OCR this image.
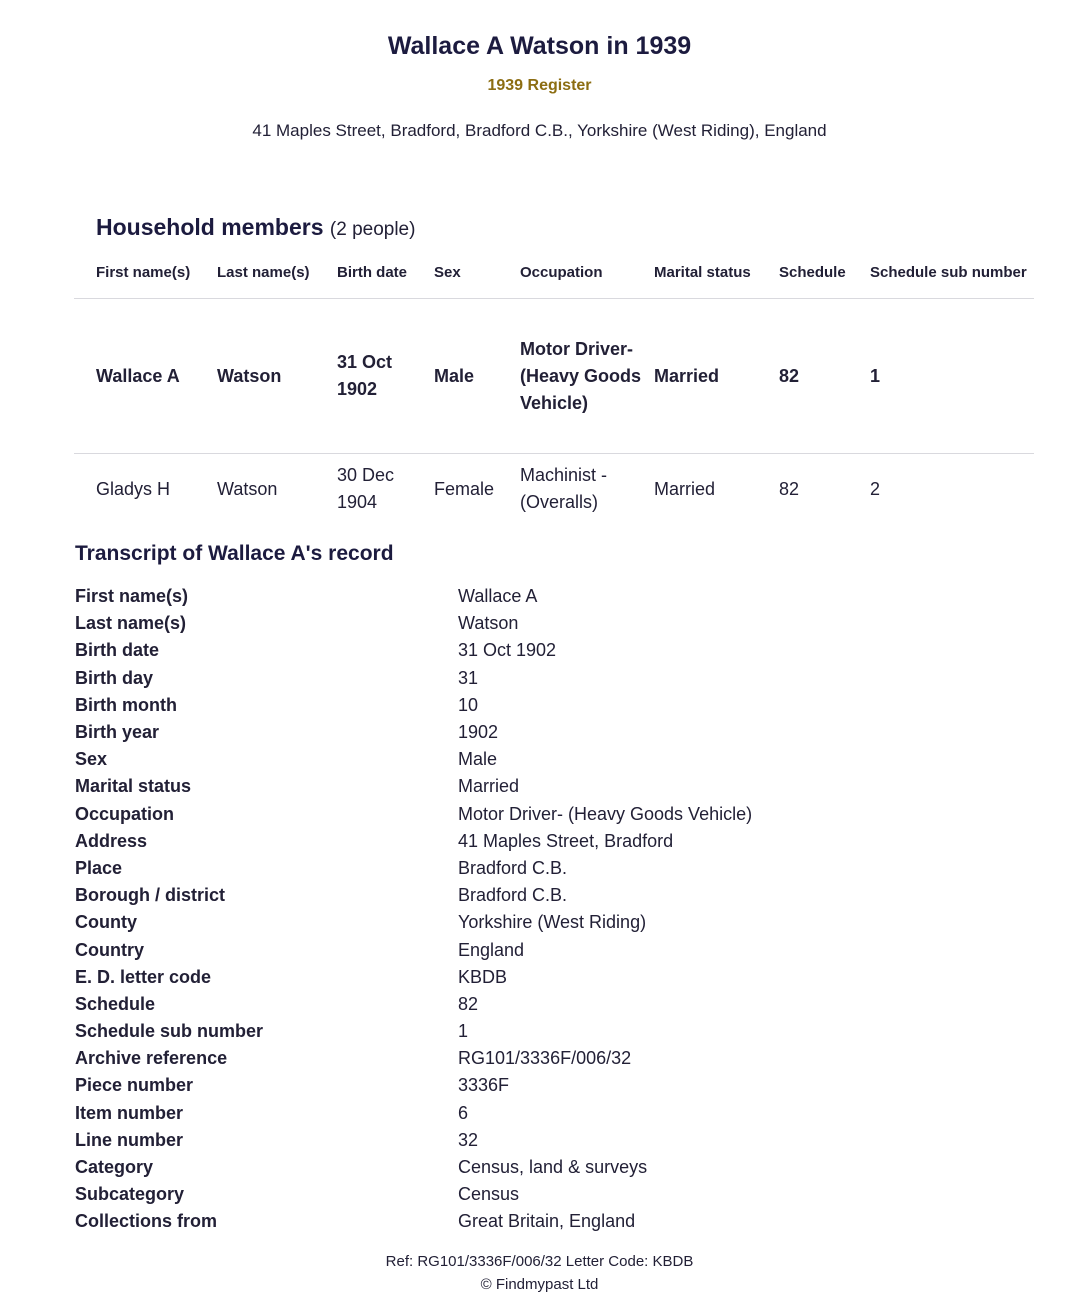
Wallace A Watson in 1939
1939 Register
41 Maples Street, Bradford, Bradford C.B., Yorkshire (West Riding), England
Household members (2 people)
First name(s)	Last name(s)	Birth date	Sex	Occupation	Marital status	Schedule	Schedule sub number
Wallace A	Watson	31 Oct 1902	Male	Motor Driver- (Heavy Goods Vehicle)	Married	82	1
Gladys H	Watson	30 Dec 1904	Female	Machinist - (Overalls)	Married	82	2
Transcript of Wallace A's record
First name(s)	Wallace A
Last name(s)	Watson
Birth date	31 Oct 1902
Birth day	31
Birth month	10
Birth year	1902
Sex	Male
Marital status	Married
Occupation	Motor Driver- (Heavy Goods Vehicle)
Address	41 Maples Street, Bradford
Place	Bradford C.B.
Borough / district	Bradford C.B.
County	Yorkshire (West Riding)
Country	England
E. D. letter code	KBDB
Schedule	82
Schedule sub number	1
Archive reference	RG101/3336F/006/32
Piece number	3336F
Item number	6
Line number	32
Category	Census, land & surveys
Subcategory	Census
Collections from	Great Britain, England
Ref: RG101/3336F/006/32 Letter Code: KBDB
© Findmypast Ltd
